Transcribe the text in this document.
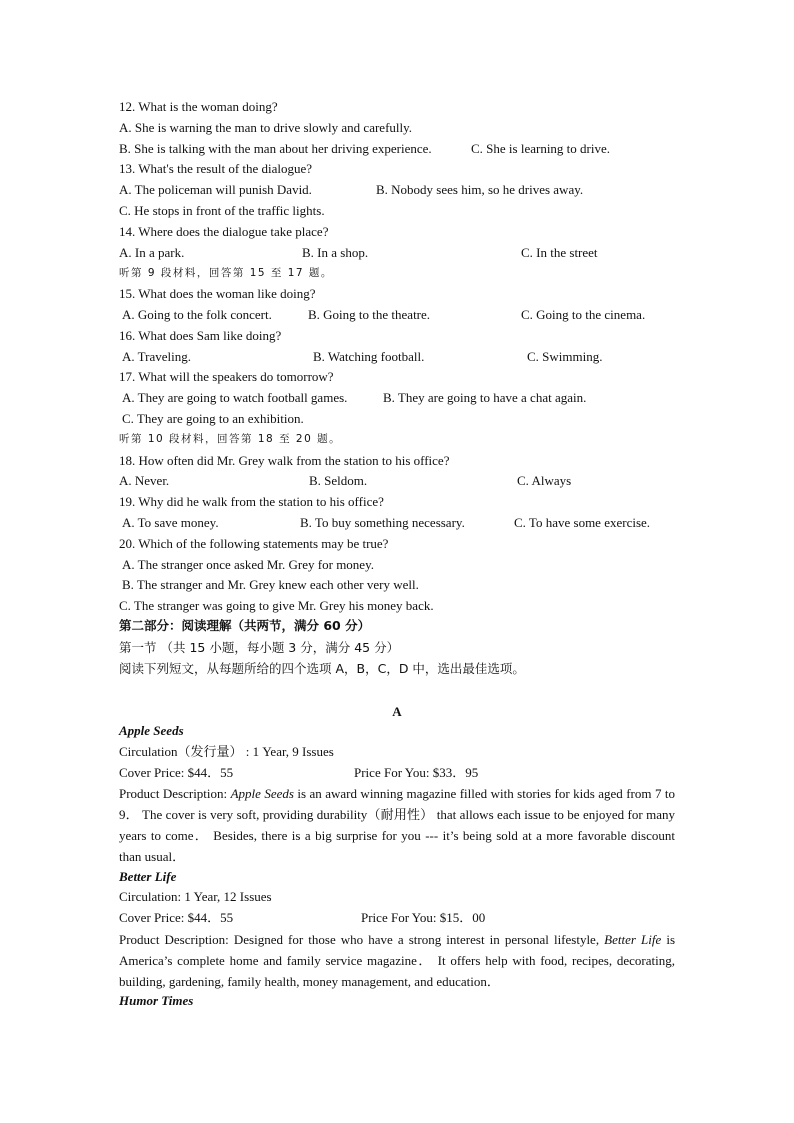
12. What is the woman doing?
A. She is warning the man to drive slowly and carefully.
B. She is talking with the man about her driving experience.	C. She is learning to drive.
13. What's the result of the dialogue?
A. The policeman will punish David.	B. Nobody sees him, so he drives away.
C. He stops in front of the traffic lights.
14. Where does the dialogue take place?
A. In a park.	B. In a shop.	C. In the street
听第 9 段材料，回答第 15 至 17 题。
15. What does the woman like doing?
A. Going to the folk concert.	B. Going to the theatre.	C. Going to the cinema.
16. What does Sam like doing?
A. Traveling.	B. Watching football.	C. Swimming.
17. What will the speakers do tomorrow?
A. They are going to watch football games.	B. They are going to have a chat again.
C. They are going to an exhibition.
听第 10 段材料，回答第 18 至 20 题。
18. How often did Mr. Grey walk from the station to his office?
A. Never.	B. Seldom.	C. Always
19. Why did he walk from the station to his office?
A. To save money.	B. To buy something necessary.	C. To have some exercise.
20. Which of the following statements may be true?
A. The stranger once asked Mr. Grey for money.
B. The stranger and Mr. Grey knew each other very well.
C. The stranger was going to give Mr. Grey his money back.
第二部分：阅读理解（共两节，满分 60 分）
第一节 （共 15 小题，每小题 3 分，满分 45 分）
阅读下列短文，从每题所给的四个选项 A，B，C，D 中，选出最佳选项。
A
Apple Seeds
Circulation（发行量） : 1 Year, 9 Issues
Cover Price: $44．55	Price For You: $33．95
Product Description: Apple Seeds is an award winning magazine filled with stories for kids aged from 7 to 9． The cover is very soft, providing durability（耐用性） that allows each issue to be enjoyed for many years to come． Besides, there is a big surprise for you --- it’s being sold at a more favorable discount than usual．
Better Life
Circulation: 1 Year, 12 Issues
Cover Price: $44．55	Price For You: $15．00
Product Description: Designed for those who have a strong interest in personal lifestyle, Better Life is America’s complete home and family service magazine． It offers help with food, recipes, decorating, building, gardening, family health, money management, and education．
Humor Times
